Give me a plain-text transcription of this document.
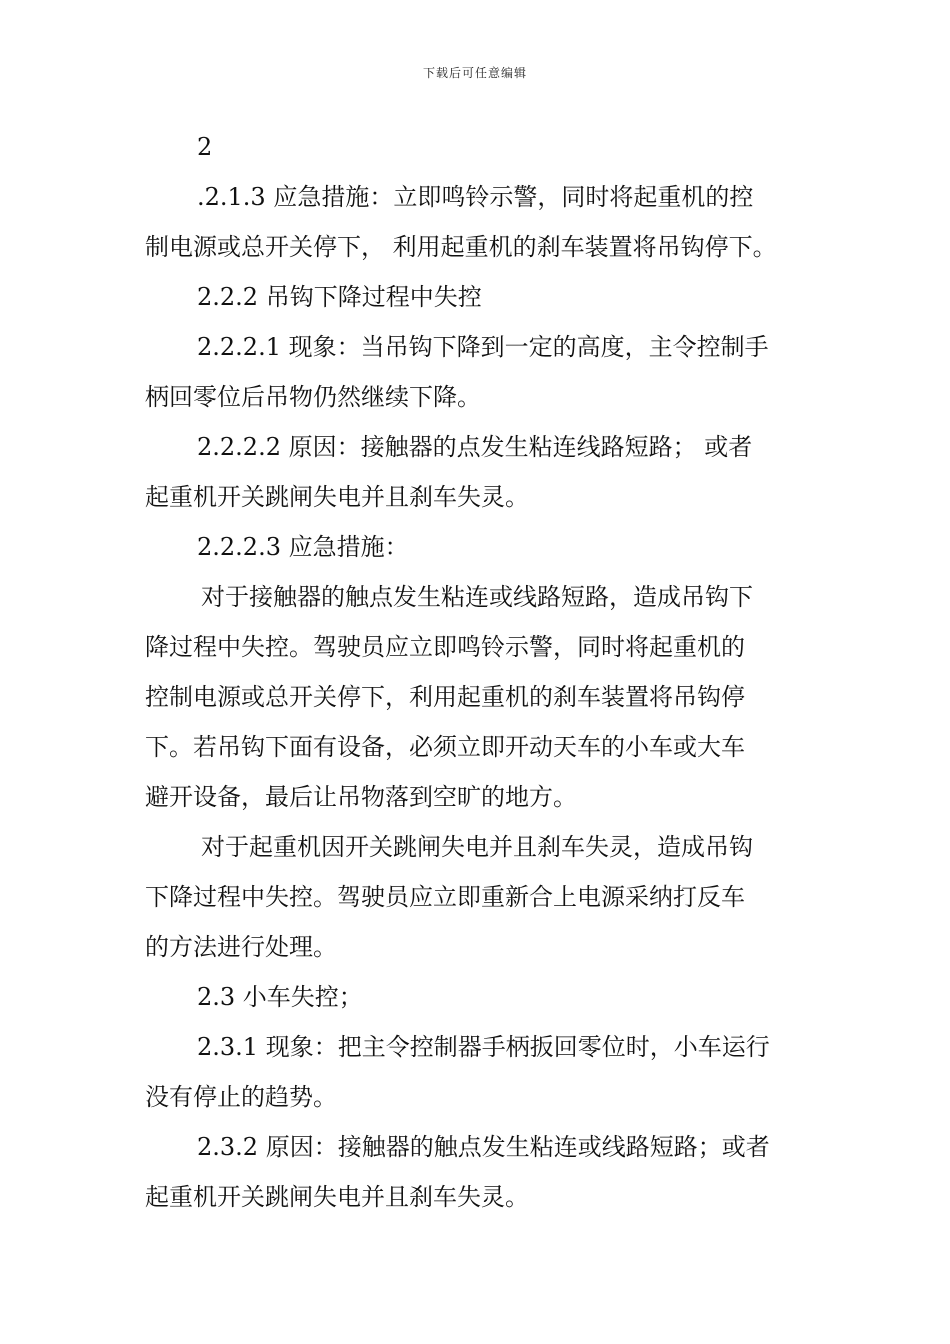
下载后可任意编辑
2
.2.1.3 应急措施：立即鸣铃示警，同时将起重机的控
制电源或总开关停下， 利用起重机的刹车装置将吊钩停下。
2.2.2 吊钩下降过程中失控
2.2.2.1 现象：当吊钩下降到一定的高度，主令控制手
柄回零位后吊物仍然继续下降。
2.2.2.2 原因：接触器的点发生粘连线路短路； 或者
起重机开关跳闸失电并且刹车失灵。
2.2.2.3 应急措施：
对于接触器的触点发生粘连或线路短路，造成吊钩下
降过程中失控。驾驶员应立即鸣铃示警，同时将起重机的
控制电源或总开关停下，利用起重机的刹车装置将吊钩停
下。若吊钩下面有设备，必须立即开动天车的小车或大车
避开设备，最后让吊物落到空旷的地方。
对于起重机因开关跳闸失电并且刹车失灵，造成吊钩
下降过程中失控。驾驶员应立即重新合上电源采纳打反车
的方法进行处理。
2.3 小车失控；
2.3.1 现象：把主令控制器手柄扳回零位时，小车运行
没有停止的趋势。
2.3.2 原因：接触器的触点发生粘连或线路短路；或者
起重机开关跳闸失电并且刹车失灵。
